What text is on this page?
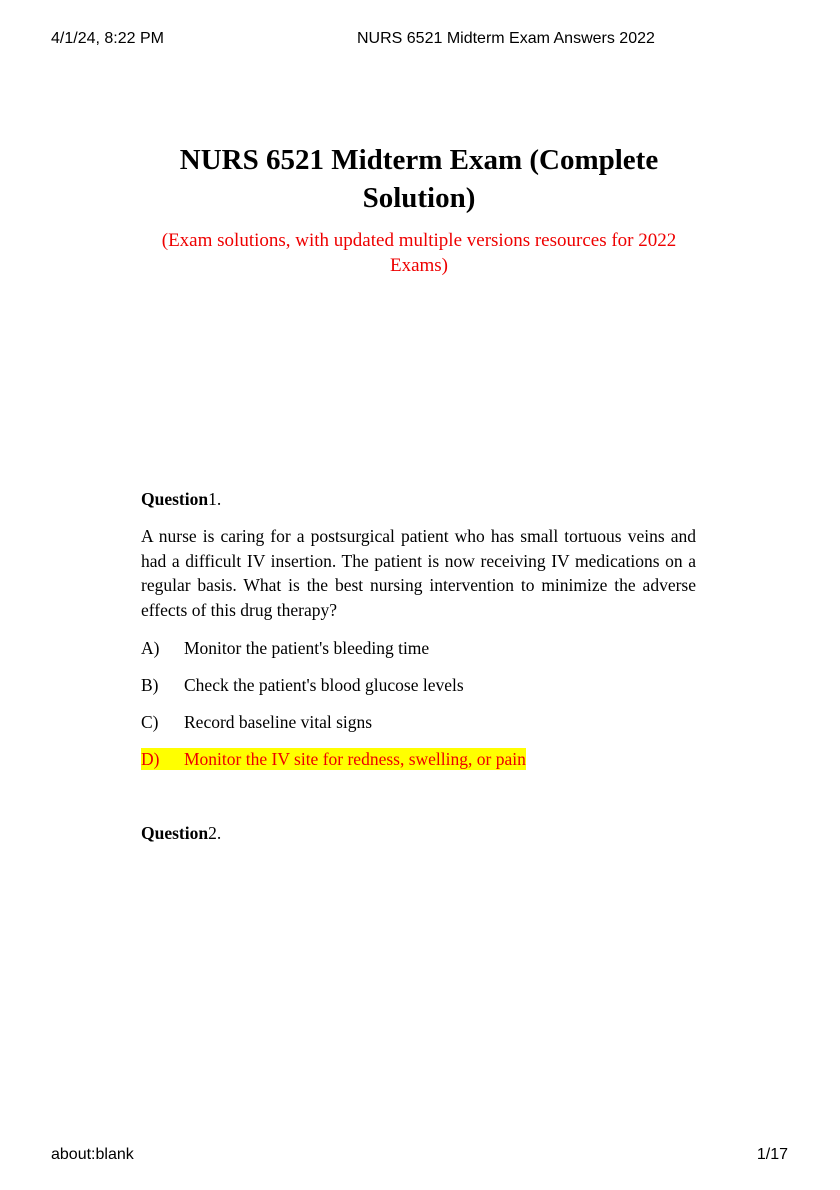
4/1/24, 8:22 PM	NURS 6521 Midterm Exam Answers 2022
NURS 6521 Midterm Exam (Complete Solution)
(Exam solutions, with updated multiple versions resources for 2022 Exams)
Question1.
A nurse is caring for a postsurgical patient who has small tortuous veins and had a difficult IV insertion. The patient is now receiving IV medications on a regular basis. What is the best nursing intervention to minimize the adverse effects of this drug therapy?
A) Monitor the patient's bleeding time
B) Check the patient's blood glucose levels
C) Record baseline vital signs
D) Monitor the IV site for redness, swelling, or pain
Question2.
about:blank	1/17
